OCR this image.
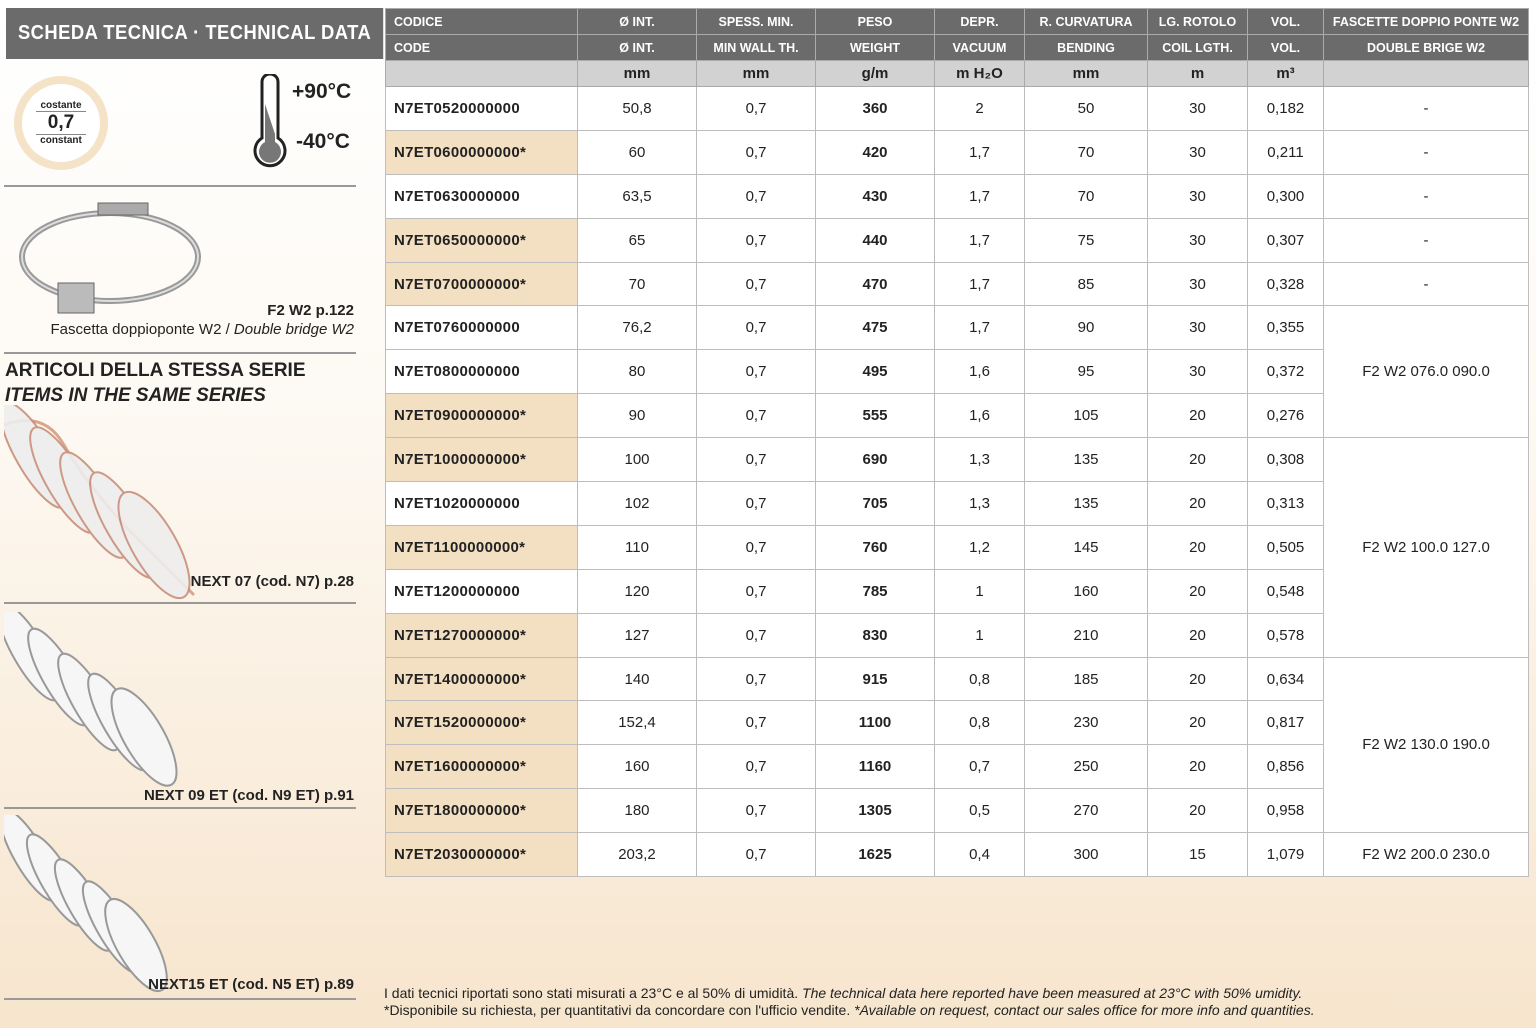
SCHEDA TECNICA · TECHNICAL DATA
costante
0,7
constant
+90°C
-40°C
F2 W2 p.122
Fascetta doppioponte W2 / Double bridge W2
ARTICOLI DELLA STESSA SERIE
ITEMS IN THE SAME SERIES
NEXT 07 (cod. N7) p.28
NEXT 09 ET (cod. N9 ET) p.91
NEXT15 ET (cod. N5 ET) p.89
CODICE	Ø INT.	SPESS. MIN.	PESO	DEPR.	R. CURVATURA	LG. ROTOLO	VOL.	FASCETTE DOPPIO PONTE W2
CODE	Ø INT.	MIN WALL TH.	WEIGHT	VACUUM	BENDING	COIL LGTH.	VOL.	DOUBLE BRIGE W2
	mm	mm	g/m	m H₂O	mm	m	m³	
N7ET0520000000	50,8	0,7	360	2	50	30	0,182	-
N7ET0600000000*	60	0,7	420	1,7	70	30	0,211	-
N7ET0630000000	63,5	0,7	430	1,7	70	30	0,300	-
N7ET0650000000*	65	0,7	440	1,7	75	30	0,307	-
N7ET0700000000*	70	0,7	470	1,7	85	30	0,328	-
N7ET0760000000	76,2	0,7	475	1,7	90	30	0,355	F2 W2 076.0 090.0
N7ET0800000000	80	0,7	495	1,6	95	30	0,372	
N7ET0900000000*	90	0,7	555	1,6	105	20	0,276	
N7ET1000000000*	100	0,7	690	1,3	135	20	0,308	F2 W2 100.0 127.0
N7ET1020000000	102	0,7	705	1,3	135	20	0,313	
N7ET1100000000*	110	0,7	760	1,2	145	20	0,505	
N7ET1200000000	120	0,7	785	1	160	20	0,548	
N7ET1270000000*	127	0,7	830	1	210	20	0,578	
N7ET1400000000*	140	0,7	915	0,8	185	20	0,634	F2 W2 130.0 190.0
N7ET1520000000*	152,4	0,7	1100	0,8	230	20	0,817	
N7ET1600000000*	160	0,7	1160	0,7	250	20	0,856	
N7ET1800000000*	180	0,7	1305	0,5	270	20	0,958	
N7ET2030000000*	203,2	0,7	1625	0,4	300	15	1,079	F2 W2 200.0 230.0
I dati tecnici riportati sono stati misurati a 23°C e al 50% di umidità. The technical data here reported have been measured at 23°C with 50% umidity.
*Disponibile su richiesta, per quantitativi da concordare con l'ufficio vendite. *Available on request, contact our sales office for more info and quantities.
